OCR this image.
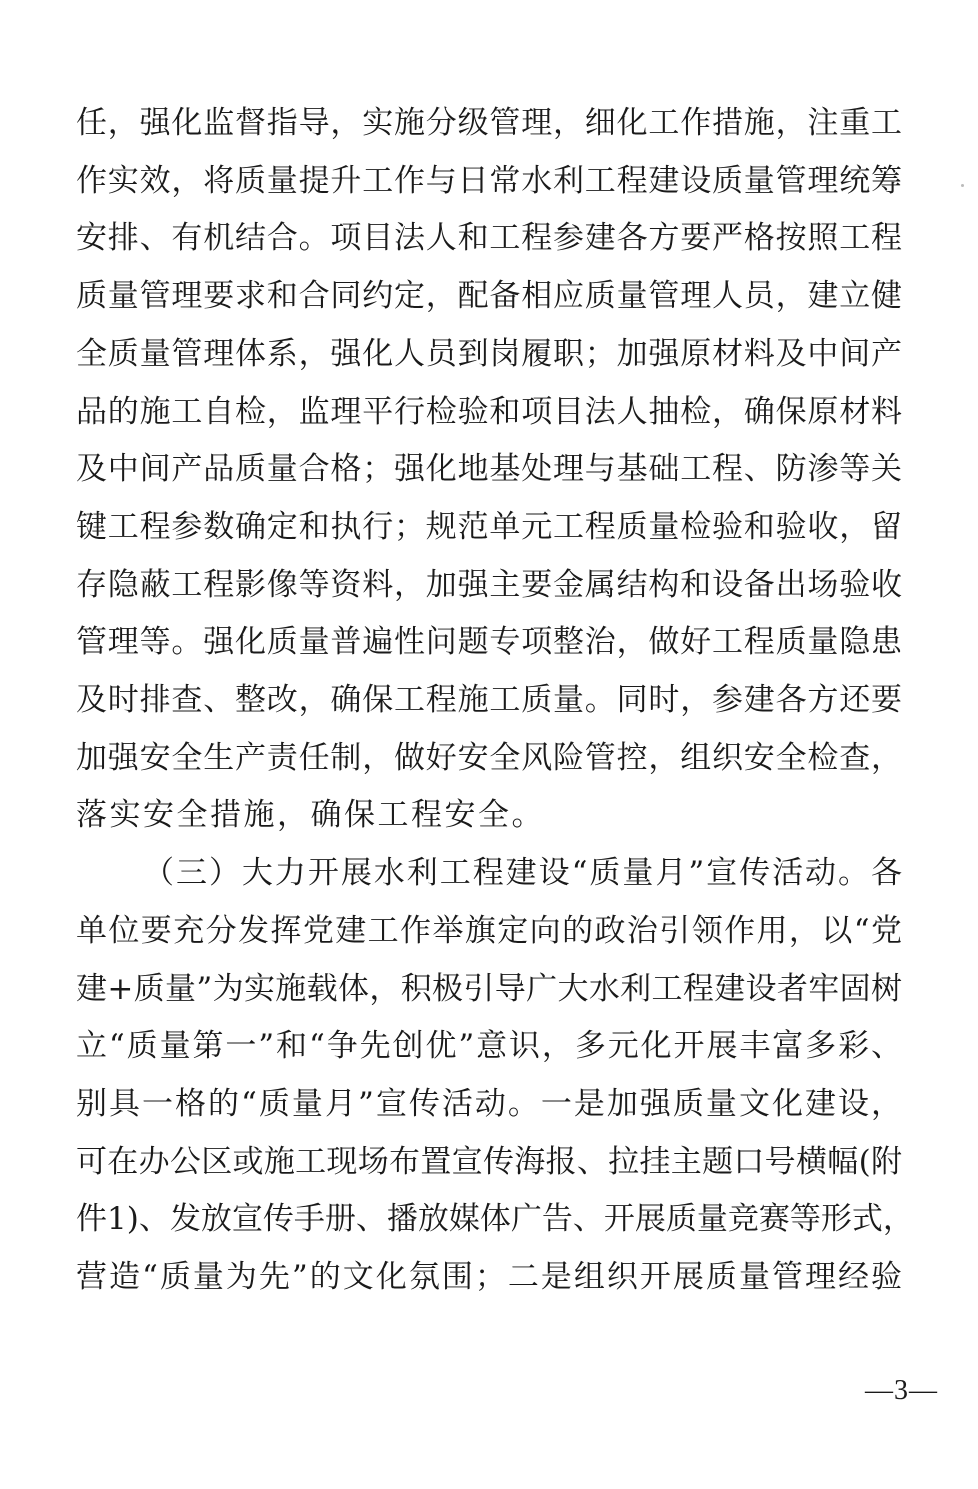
任，强化监督指导，实施分级管理，细化工作措施，注重工
作实效，将质量提升工作与日常水利工程建设质量管理统筹
安排、有机结合。项目法人和工程参建各方要严格按照工程
质量管理要求和合同约定，配备相应质量管理人员，建立健
全质量管理体系，强化人员到岗履职；加强原材料及中间产
品的施工自检，监理平行检验和项目法人抽检，确保原材料
及中间产品质量合格；强化地基处理与基础工程、防渗等关
键工程参数确定和执行；规范单元工程质量检验和验收，留
存隐蔽工程影像等资料，加强主要金属结构和设备出场验收
管理等。强化质量普遍性问题专项整治，做好工程质量隐患
及时排查、整改，确保工程施工质量。同时，参建各方还要
加强安全生产责任制，做好安全风险管控，组织安全检查，
落实安全措施，确保工程安全。
（三）大力开展水利工程建设“质量月”宣传活动。各
单位要充分发挥党建工作举旗定向的政治引领作用，以“党
建+质量”为实施载体，积极引导广大水利工程建设者牢固树
立“质量第一”和“争先创优”意识，多元化开展丰富多彩、
别具一格的“质量月”宣传活动。一是加强质量文化建设，
可在办公区或施工现场布置宣传海报、拉挂主题口号横幅(附
件1)、发放宣传手册、播放媒体广告、开展质量竞赛等形式，
营造“质量为先”的文化氛围；二是组织开展质量管理经验
—3—
